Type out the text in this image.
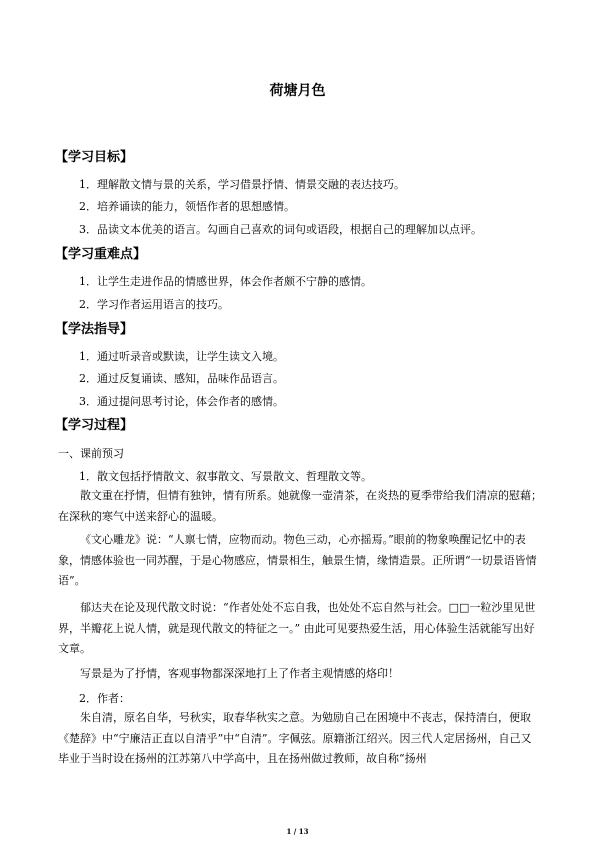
荷塘月色
【学习目标】
1．理解散文情与景的关系，学习借景抒情、情景交融的表达技巧。
2．培养诵读的能力，领悟作者的思想感情。
3．品读文本优美的语言。勾画自己喜欢的词句或语段，根据自己的理解加以点评。
【学习重难点】
1．让学生走进作品的情感世界，体会作者颇不宁静的感情。
2．学习作者运用语言的技巧。
【学法指导】
1．通过听录音或默读，让学生读文入境。
2．通过反复诵读、感知，品味作品语言。
3．通过提问思考讨论，体会作者的感情。
【学习过程】
一、课前预习
1．散文包括抒情散文、叙事散文、写景散文、哲理散文等。
散文重在抒情，但情有独钟，情有所系。她就像一壶清茶，在炎热的夏季带给我们清凉的慰藉；在深秋的寒气中送来舒心的温暖。
《文心雕龙》说：“人禀七情，应物而动。物色三动，心亦摇焉。”眼前的物象唤醒记忆中的表象，情感体验也一同苏醒，于是心物感应，情景相生，触景生情，缘情造景。正所谓“一切景语皆情语”。
郁达夫在论及现代散文时说：“作者处处不忘自我，也处处不忘自然与社会。□□一粒沙里见世界，半瓣花上说人情，就是现代散文的特征之一。” 由此可见要热爱生活，用心体验生活就能写出好文章。
写景是为了抒情，客观事物都深深地打上了作者主观情感的烙印！
2．作者：
朱自清，原名自华，号秋实，取春华秋实之意。为勉励自己在困境中不丧志，保持清白，便取《楚辞》中“宁廉洁正直以自清乎”中“自清”。字佩弦。原籍浙江绍兴。因三代人定居扬州，自己又毕业于当时设在扬州的江苏第八中学高中，且在扬州做过教师，故自称“扬州
1 / 13
